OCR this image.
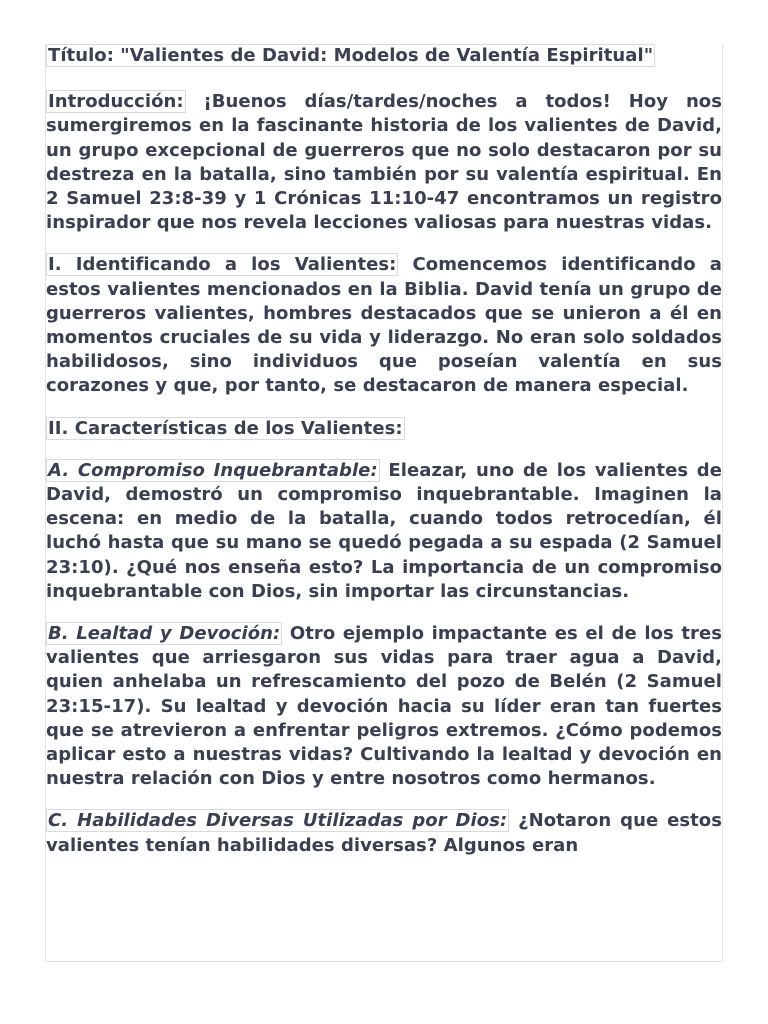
Título: "Valientes de David: Modelos de Valentía Espiritual"

Introducción: ¡Buenos días/tardes/noches a todos! Hoy nos sumergiremos en la fascinante historia de los valientes de David, un grupo excepcional de guerreros que no solo destacaron por su destreza en la batalla, sino también por su valentía espiritual. En 2 Samuel 23:8-39 y 1 Crónicas 11:10-47 encontramos un registro inspirador que nos revela lecciones valiosas para nuestras vidas.

I. Identificando a los Valientes: Comencemos identificando a estos valientes mencionados en la Biblia. David tenía un grupo de guerreros valientes, hombres destacados que se unieron a él en momentos cruciales de su vida y liderazgo. No eran solo soldados habilidosos, sino individuos que poseían valentía en sus corazones y que, por tanto, se destacaron de manera especial.

II. Características de los Valientes:

A. Compromiso Inquebrantable: Eleazar, uno de los valientes de David, demostró un compromiso inquebrantable. Imaginen la escena: en medio de la batalla, cuando todos retrocedían, él luchó hasta que su mano se quedó pegada a su espada (2 Samuel 23:10). ¿Qué nos enseña esto? La importancia de un compromiso inquebrantable con Dios, sin importar las circunstancias.

B. Lealtad y Devoción: Otro ejemplo impactante es el de los tres valientes que arriesgaron sus vidas para traer agua a David, quien anhelaba un refrescamiento del pozo de Belén (2 Samuel 23:15-17). Su lealtad y devoción hacia su líder eran tan fuertes que se atrevieron a enfrentar peligros extremos. ¿Cómo podemos aplicar esto a nuestras vidas? Cultivando la lealtad y devoción en nuestra relación con Dios y entre nosotros como hermanos.

C. Habilidades Diversas Utilizadas por Dios: ¿Notaron que estos valientes tenían habilidades diversas? Algunos eran
